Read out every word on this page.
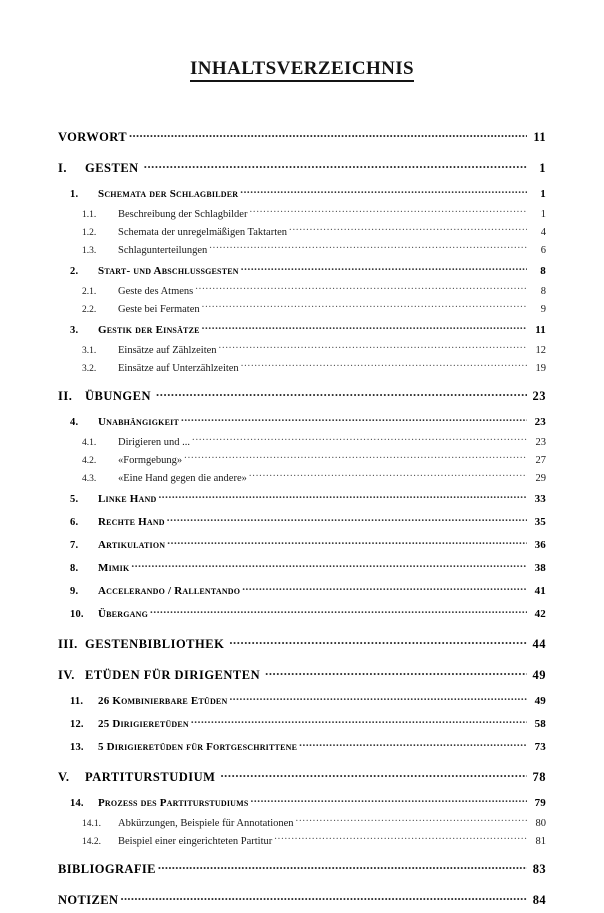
INHALTSVERZEICHNIS
VORWORT .....	11
I.	GESTEN .....	1
1.	Schemata der Schlagbilder .....	1
1.1.	Beschreibung der Schlagbilder .....	1
1.2.	Schemata der unregelmäßigen Taktarten .....	4
1.3.	Schlagunterteilungen .....	6
2.	Start- und Abschlussgesten .....	8
2.1.	Geste des Atmens .....	8
2.2.	Geste bei Fermaten .....	9
3.	Gestik der Einsätze .....	11
3.1.	Einsätze auf Zählzeiten .....	12
3.2.	Einsätze auf Unterzählzeiten .....	19
II.	ÜBUNGEN .....	23
4.	Unabhängigkeit .....	23
4.1.	Dirigieren und ... .....	23
4.2.	«Formgebung» .....	27
4.3.	«Eine Hand gegen die andere» .....	29
5.	Linke Hand .....	33
6.	Rechte Hand .....	35
7.	Artikulation .....	36
8.	Mimik .....	38
9.	Accelerando / Rallentando .....	41
10.	Übergang .....	42
III. GESTENBIBLIOTHEK .....	44
IV. ETÜDEN FÜR DIRIGENTEN .....	49
11.	26 Kombinierbare Etüden .....	49
12.	25 Dirigieretüden .....	58
13.	5 Dirigieretüden für Fortgeschrittene .....	73
V.	PARTITURSTUDIUM .....	78
14.	Prozess des Partiturstudiums .....	79
14.1.	Abkürzungen, Beispiele für Annotationen .....	80
14.2.	Beispiel einer eingerichteten Partitur .....	81
BIBLIOGRAFIE .....	83
NOTIZEN .....	84
